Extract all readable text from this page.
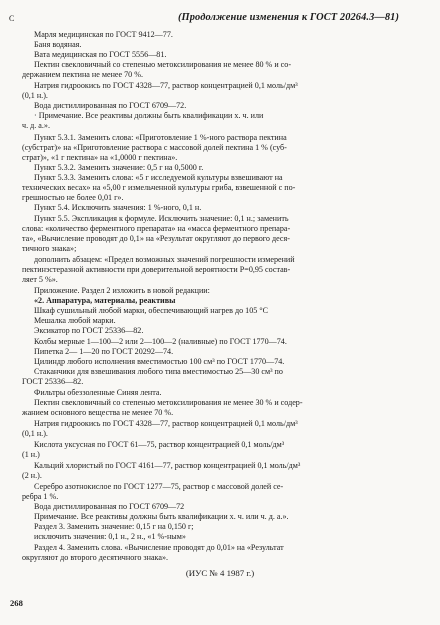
С	(Продолжение изменения к ГОСТ 20264.3—81)
Марля медицинская по ГОСТ 9412—77.
Баня водяная.
Вата медицинская по ГОСТ 5556—81.
Пектин свекловичный со степенью метоксилирования не менее 80 % и со-
держанием пектина не менее 70 %.
Натрия гидроокись по ГОСТ 4328—77, раствор концентрацией 0,1 моль/дм³
(0,1 н.).
Вода дистиллированная по ГОСТ 6709—72.
· Примечание. Все реактивы должны быть квалификации х. ч. или
ч. д. а.».
Пункт 5.3.1. Заменить слова: «Приготовление 1 %-ного раствора пектина
(субстрат)» на «Приготовление раствора с массовой долей пектина 1 % (суб-
страт)», «1 г пектина» на «1,0000 г пектина».
Пункт 5.3.2. Заменить значение: 0,5 г на 0,5000 г.
Пункт 5.3.3. Заменить слова: «5 г исследуемой культуры взвешивают на
технических весах» на «5,00 г измельченной культуры гриба, взвешенной с по-
грешностью не более 0,01 г».
Пункт 5.4. Исключить значения: 1 %-ного, 0,1 н.
Пункт 5.5. Экспликация к формуле. Исключить значение: 0,1 н.; заменить
слова: «количество ферментного препарата» на «масса ферментного препара-
та», «Вычисление проводят до 0,1» на «Результат округляют до первого деся-
тичного знака»;
дополнить абзацем: «Предел возможных значений погрешности измерений
пектинэстеразной активности при доверительной вероятности P=0,95 состав-
ляет 5 %».
Приложение. Раздел 2 изложить в новой редакции:
«2. Аппаратура, материалы, реактивы
Шкаф сушильный любой марки, обеспечивающий нагрев до 105 °С
Мешалка любой марки.
Эксикатор по ГОСТ 25336—82.
Колбы мерные 1—100—2 или 2—100—2 (наливные) по ГОСТ 1770—74.
Пипетка 2— 1—20 по ГОСТ 20292—74.
Цилиндр любого исполнения вместимостью 100 см³ по ГОСТ 1770—74.
Стаканчики для взвешивания любого типа вместимостью 25—30 см³ по
ГОСТ 25336—82.
Фильтры обеззоленные Синяя лента.
Пектин свекловичный со степенью метоксилирования не менее 30 % и содер-
жанием основного вещества не менее 70 %.
Натрия гидроокись по ГОСТ 4328—77, раствор концентрацией 0,1 моль/дм³
(0,1 н.).
Кислота уксусная по ГОСТ 61—75, раствор концентрацией 0,1 моль/дм³
(1 н.)
Кальций хлористый по ГОСТ 4161—77, раствор концентрацией 0,1 моль/дм³
(2 н.).
Серебро азотнокислое по ГОСТ 1277—75, раствор с массовой долей се-
ребра 1 %.
Вода дистиллированная по ГОСТ 6709—72
Примечание. Все реактивы должны быть квалификации х. ч. или ч. д. а.».
Раздел 3. Заменить значение: 0,15 г на 0,150 г;
исключить значения: 0,1 н., 2 н., «1 %-ным»
Раздел 4. Заменить слова. «Вычисление проводят до 0,01» на «Результат
округляют до второго десятичного знака».
(ИУС № 4 1987 г.)
268
